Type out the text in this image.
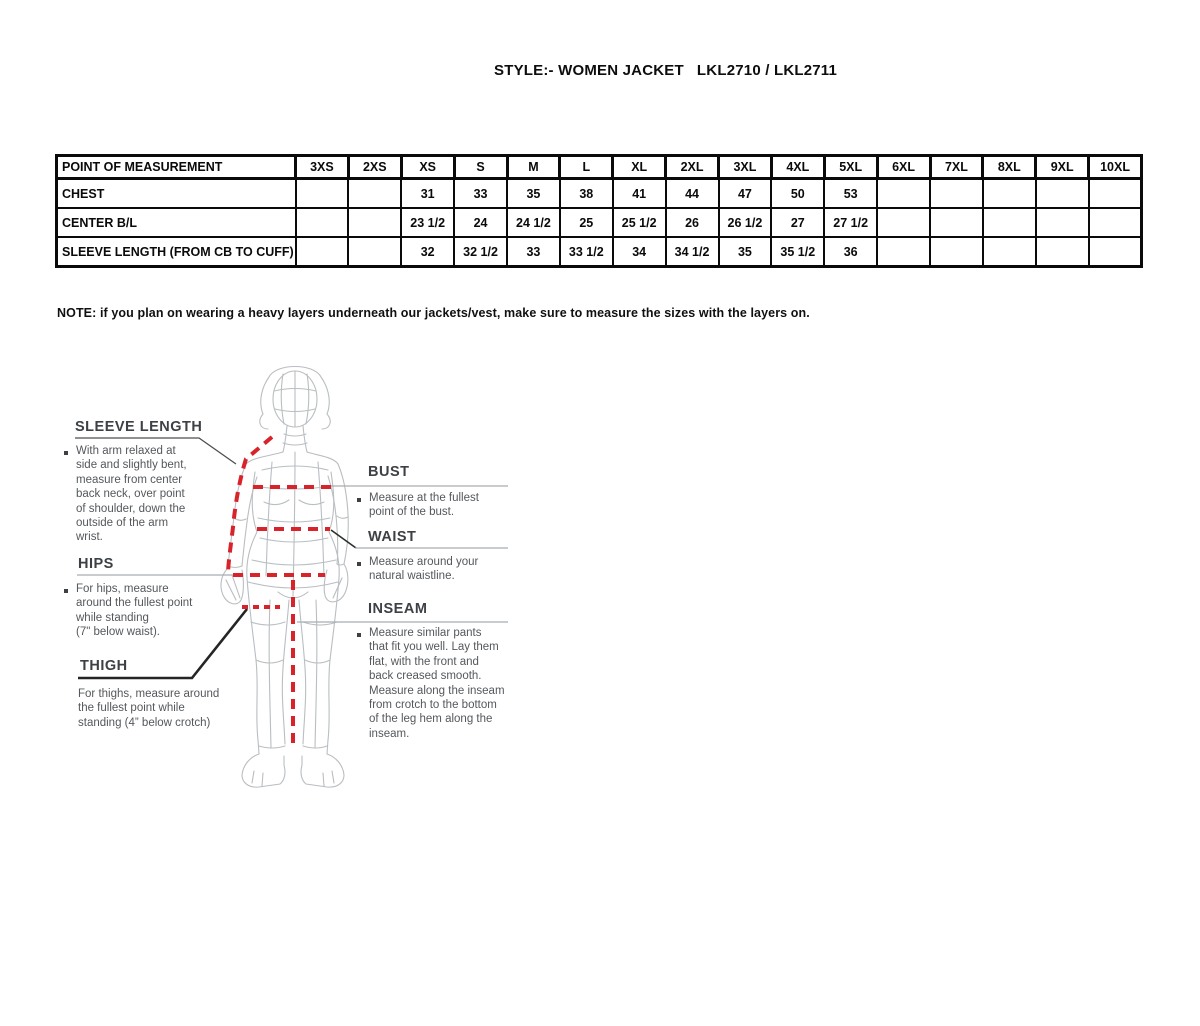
STYLE:- WOMEN JACKET   LKL2710 / LKL2711
POINT OF MEASUREMENT	3XS	2XS	XS	S	M	L	XL	2XL	3XL	4XL	5XL	6XL	7XL	8XL	9XL	10XL
CHEST			31	33	35	38	41	44	47	50	53					
CENTER B/L			23 1/2	24	24 1/2	25	25 1/2	26	26 1/2	27	27 1/2					
SLEEVE LENGTH (FROM CB TO CUFF)			32	32 1/2	33	33 1/2	34	34 1/2	35	35 1/2	36					
NOTE: if you plan on wearing a heavy layers underneath our jackets/vest, make sure to measure the sizes with the layers on.
SLEEVE LENGTH
With arm relaxed at
side and slightly bent,
measure from center
back neck, over point
of shoulder, down the
outside of the arm
wrist.
HIPS
For hips, measure
around the fullest point
while standing
(7" below waist).
THIGH
For thighs, measure around
the fullest point while
standing (4” below crotch)
BUST
Measure at the fullest
point of the bust.
WAIST
Measure around your
natural waistline.
INSEAM
Measure similar pants
that fit you well. Lay them
flat, with the front and
back creased smooth.
Measure along the inseam
from crotch to the bottom
of the leg hem along the
inseam.
